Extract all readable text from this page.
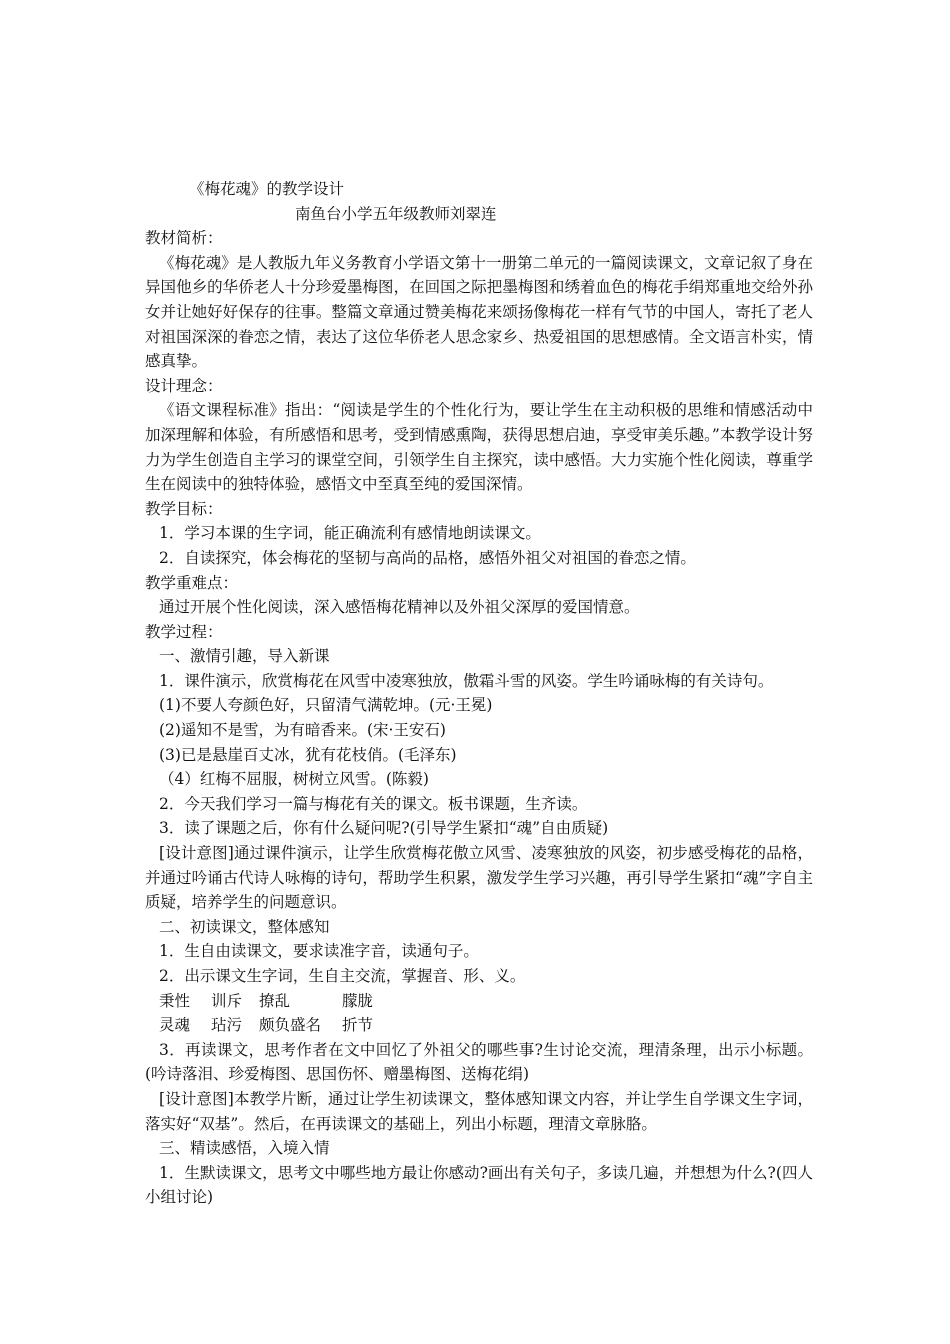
《梅花魂》的教学设计
南鱼台小学五年级教师刘翠连
教材简析：
《梅花魂》是人教版九年义务教育小学语文第十一册第二单元的一篇阅读课文，文章记叙了身在异国他乡的华侨老人十分珍爱墨梅图，在回国之际把墨梅图和绣着血色的梅花手绢郑重地交给外孙女并让她好好保存的往事。整篇文章通过赞美梅花来颂扬像梅花一样有气节的中国人，寄托了老人对祖国深深的眷恋之情，表达了这位华侨老人思念家乡、热爱祖国的思想感情。全文语言朴实，情感真挚。
设计理念：
《语文课程标准》指出：“阅读是学生的个性化行为，要让学生在主动积极的思维和情感活动中加深理解和体验，有所感悟和思考，受到情感熏陶，获得思想启迪，享受审美乐趣。”本教学设计努力为学生创造自主学习的课堂空间，引领学生自主探究，读中感悟。大力实施个性化阅读，尊重学生在阅读中的独特体验，感悟文中至真至纯的爱国深情。
教学目标：
1．学习本课的生字词，能正确流利有感情地朗读课文。
2．自读探究，体会梅花的坚韧与高尚的品格，感悟外祖父对祖国的眷恋之情。
教学重难点：
通过开展个性化阅读，深入感悟梅花精神以及外祖父深厚的爱国情意。
教学过程：
一、激情引趣，导入新课
1．课件演示，欣赏梅花在风雪中凌寒独放，傲霜斗雪的风姿。学生吟诵咏梅的有关诗句。
(1)不要人夸颜色好，只留清气满乾坤。(元·王冕)
(2)遥知不是雪，为有暗香来。(宋·王安石)
(3)已是悬崖百丈冰，犹有花枝俏。(毛泽东)
（4）红梅不屈服，树树立风雪。(陈毅)
2．今天我们学习一篇与梅花有关的课文。板书课题，生齐读。
3．读了课题之后，你有什么疑问呢?(引导学生紧扣“魂”自由质疑)
[设计意图]通过课件演示，让学生欣赏梅花傲立风雪、凌寒独放的风姿，初步感受梅花的品格，并通过吟诵古代诗人咏梅的诗句，帮助学生积累，激发学生学习兴趣，再引导学生紧扣“魂”字自主质疑，培养学生的问题意识。
二、初读课文，整体感知
1．生自由读课文，要求读准字音，读通句子。
2．出示课文生字词，生自主交流，掌握音、形、义。
秉性 训斥 撩乱	朦胧
灵魂 玷污 颇负盛名 折节
3．再读课文，思考作者在文中回忆了外祖父的哪些事?生讨论交流，理清条理，出示小标题。(吟诗落泪、珍爱梅图、思国伤怀、赠墨梅图、送梅花绢)
[设计意图]本教学片断，通过让学生初读课文，整体感知课文内容，并让学生自学课文生字词，落实好“双基”。然后，在再读课文的基础上，列出小标题，理清文章脉胳。
三、精读感悟，入境入情
1．生默读课文，思考文中哪些地方最让你感动?画出有关句子，多读几遍，并想想为什么?(四人小组讨论)
